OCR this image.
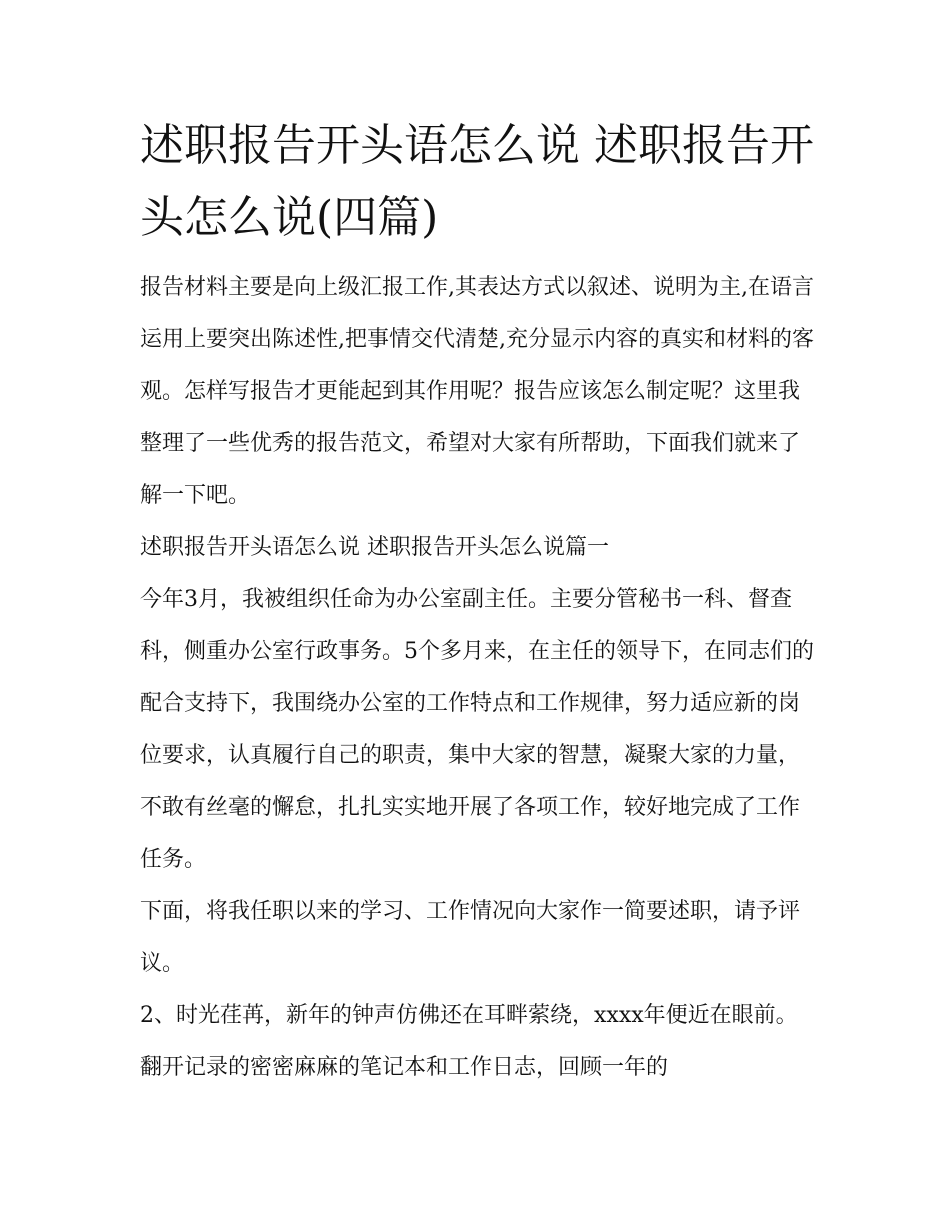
述职报告开头语怎么说 述职报告开头怎么说(四篇)

报告材料主要是向上级汇报工作,其表达方式以叙述、说明为主,在语言运用上要突出陈述性,把事情交代清楚,充分显示内容的真实和材料的客观。怎样写报告才更能起到其作用呢？报告应该怎么制定呢？这里我整理了一些优秀的报告范文，希望对大家有所帮助，下面我们就来了解一下吧。

述职报告开头语怎么说 述职报告开头怎么说篇一

今年3月，我被组织任命为办公室副主任。主要分管秘书一科、督查科，侧重办公室行政事务。5个多月来，在主任的领导下，在同志们的配合支持下，我围绕办公室的工作特点和工作规律，努力适应新的岗位要求，认真履行自己的职责，集中大家的智慧，凝聚大家的力量，不敢有丝毫的懈怠，扎扎实实地开展了各项工作，较好地完成了工作任务。

下面，将我任职以来的学习、工作情况向大家作一简要述职，请予评议。

2、时光荏苒，新年的钟声仿佛还在耳畔萦绕，xxxx年便近在眼前。翻开记录的密密麻麻的笔记本和工作日志，回顾一年的
